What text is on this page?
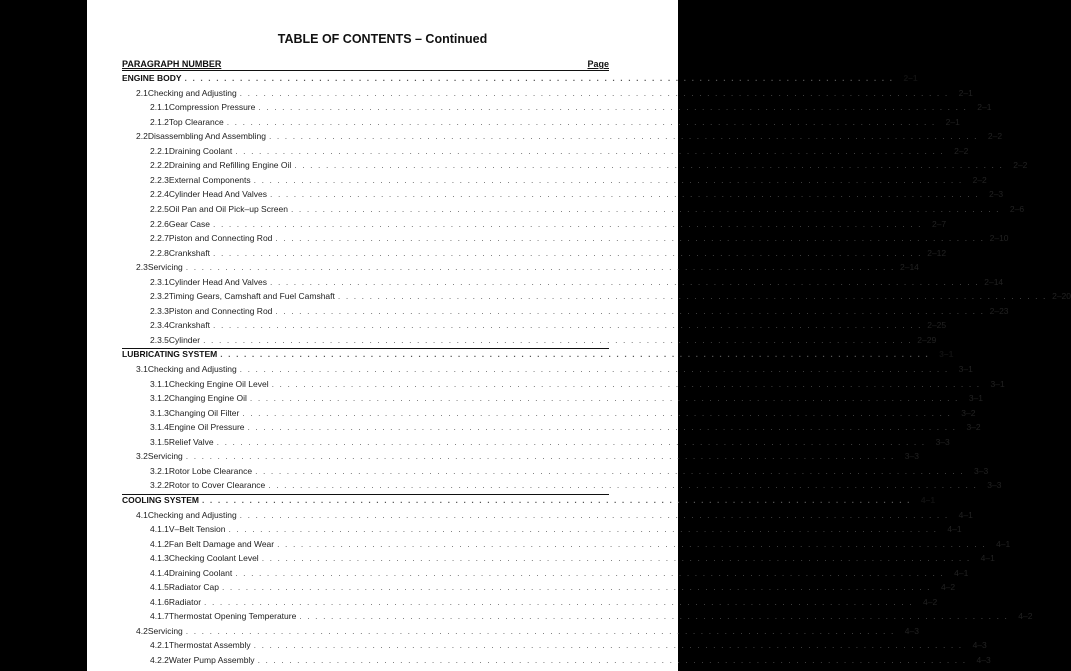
TABLE OF CONTENTS – Continued
PARAGRAPH NUMBER	Page
ENGINE BODY . . . . . . . . . . . . . . . . . . . . . . . . . . . . . . . . . . . . . . . . . . . . . . . . . . . . . . . . . . . . . . . . . . . . . . . . . . . . . . . . . . . . . . . . . .	2–1
2.1 Checking and Adjusting . . . . . . . . . . . . . . . . . . . . . . . . . . . . . . . . . . . . . . . . . . . . . . . . . . . . . . . . . . . . . . . . . . . . . . . . . . . . . . . . . . . . . . . . . .	2–1
2.1.1 Compression Pressure . . . . . . . . . . . . . . . . . . . . . . . . . . . . . . . . . . . . . . . . . . . . . . . . . . . . . . . . . . . . . . . . . . . . . . . . . . . . . . . . . . . . . . . . . .	2–1
2.1.2 Top Clearance . . . . . . . . . . . . . . . . . . . . . . . . . . . . . . . . . . . . . . . . . . . . . . . . . . . . . . . . . . . . . . . . . . . . . . . . . . . . . . . . . . . . . . . . . .	2–1
2.2 Disassembling And Assembling . . . . . . . . . . . . . . . . . . . . . . . . . . . . . . . . . . . . . . . . . . . . . . . . . . . . . . . . . . . . . . . . . . . . . . . . . . . . . . . . . . . . . . . . . .	2–2
2.2.1 Draining Coolant . . . . . . . . . . . . . . . . . . . . . . . . . . . . . . . . . . . . . . . . . . . . . . . . . . . . . . . . . . . . . . . . . . . . . . . . . . . . . . . . . . . . . . . . . .	2–2
2.2.2 Draining and Refilling Engine Oil . . . . . . . . . . . . . . . . . . . . . . . . . . . . . . . . . . . . . . . . . . . . . . . . . . . . . . . . . . . . . . . . . . . . . . . . . . . . . . . . . . . . . . . . . .	2–2
2.2.3 External Components . . . . . . . . . . . . . . . . . . . . . . . . . . . . . . . . . . . . . . . . . . . . . . . . . . . . . . . . . . . . . . . . . . . . . . . . . . . . . . . . . . . . . . . . . .	2–2
2.2.4 Cylinder Head And Valves . . . . . . . . . . . . . . . . . . . . . . . . . . . . . . . . . . . . . . . . . . . . . . . . . . . . . . . . . . . . . . . . . . . . . . . . . . . . . . . . . . . . . . . . . .	2–3
2.2.5 Oil Pan and Oil Pick–up Screen . . . . . . . . . . . . . . . . . . . . . . . . . . . . . . . . . . . . . . . . . . . . . . . . . . . . . . . . . . . . . . . . . . . . . . . . . . . . . . . . . . . . . . . . . .	2–6
2.2.6 Gear Case . . . . . . . . . . . . . . . . . . . . . . . . . . . . . . . . . . . . . . . . . . . . . . . . . . . . . . . . . . . . . . . . . . . . . . . . . . . . . . . . . . . . . . . . . .	2–7
2.2.7 Piston and Connecting Rod . . . . . . . . . . . . . . . . . . . . . . . . . . . . . . . . . . . . . . . . . . . . . . . . . . . . . . . . . . . . . . . . . . . . . . . . . . . . . . . . . . . . . . . . . . 2–10
2.2.8 Crankshaft . . . . . . . . . . . . . . . . . . . . . . . . . . . . . . . . . . . . . . . . . . . . . . . . . . . . . . . . . . . . . . . . . . . . . . . . . . . . . . . . . . . . . . . . . . 2–12
2.3 Servicing . . . . . . . . . . . . . . . . . . . . . . . . . . . . . . . . . . . . . . . . . . . . . . . . . . . . . . . . . . . . . . . . . . . . . . . . . . . . . . . . . . . . . . . . . . 2–14
2.3.1 Cylinder Head And Valves . . . . . . . . . . . . . . . . . . . . . . . . . . . . . . . . . . . . . . . . . . . . . . . . . . . . . . . . . . . . . . . . . . . . . . . . . . . . . . . . . . . . . . . . . . 2–14
2.3.2 Timing Gears, Camshaft and Fuel Camshaft . . . . . . . . . . . . . . . . . . . . . . . . . . . . . . . . . . . . . . . . . . . . . . . . . . . . . . . . . . . . . . . . . . . . . . . . . . . . . . . . . . . . . . . . . . 2–20
2.3.3 Piston and Connecting Rod . . . . . . . . . . . . . . . . . . . . . . . . . . . . . . . . . . . . . . . . . . . . . . . . . . . . . . . . . . . . . . . . . . . . . . . . . . . . . . . . . . . . . . . . . . 2–23
2.3.4 Crankshaft . . . . . . . . . . . . . . . . . . . . . . . . . . . . . . . . . . . . . . . . . . . . . . . . . . . . . . . . . . . . . . . . . . . . . . . . . . . . . . . . . . . . . . . . . . 2–25
2.3.5 Cylinder . . . . . . . . . . . . . . . . . . . . . . . . . . . . . . . . . . . . . . . . . . . . . . . . . . . . . . . . . . . . . . . . . . . . . . . . . . . . . . . . . . . . . . . . . . 2–29
LUBRICATING SYSTEM . . . . . . . . . . . . . . . . . . . . . . . . . . . . . . . . . . . . . . . . . . . . . . . . . . . . . . . . . . . . . . . . . . . . . . . . . . . . . . . . . . . . . . . . . .	3–1
3.1 Checking and Adjusting . . . . . . . . . . . . . . . . . . . . . . . . . . . . . . . . . . . . . . . . . . . . . . . . . . . . . . . . . . . . . . . . . . . . . . . . . . . . . . . . . . . . . . . . . .	3–1
3.1.1 Checking Engine Oil Level . . . . . . . . . . . . . . . . . . . . . . . . . . . . . . . . . . . . . . . . . . . . . . . . . . . . . . . . . . . . . . . . . . . . . . . . . . . . . . . . . . . . . . . . . .	3–1
3.1.2 Changing Engine Oil . . . . . . . . . . . . . . . . . . . . . . . . . . . . . . . . . . . . . . . . . . . . . . . . . . . . . . . . . . . . . . . . . . . . . . . . . . . . . . . . . . . . . . . . . .	3–1
3.1.3 Changing Oil Filter . . . . . . . . . . . . . . . . . . . . . . . . . . . . . . . . . . . . . . . . . . . . . . . . . . . . . . . . . . . . . . . . . . . . . . . . . . . . . . . . . . . . . . . . . .	3–2
3.1.4 Engine Oil Pressure . . . . . . . . . . . . . . . . . . . . . . . . . . . . . . . . . . . . . . . . . . . . . . . . . . . . . . . . . . . . . . . . . . . . . . . . . . . . . . . . . . . . . . . . . .	3–2
3.1.5 Relief Valve . . . . . . . . . . . . . . . . . . . . . . . . . . . . . . . . . . . . . . . . . . . . . . . . . . . . . . . . . . . . . . . . . . . . . . . . . . . . . . . . . . . . . . . . . .	3–3
3.2 Servicing . . . . . . . . . . . . . . . . . . . . . . . . . . . . . . . . . . . . . . . . . . . . . . . . . . . . . . . . . . . . . . . . . . . . . . . . . . . . . . . . . . . . . . . . . .	3–3
3.2.1 Rotor Lobe Clearance . . . . . . . . . . . . . . . . . . . . . . . . . . . . . . . . . . . . . . . . . . . . . . . . . . . . . . . . . . . . . . . . . . . . . . . . . . . . . . . . . . . . . . . . . .	3–3
3.2.2 Rotor to Cover Clearance . . . . . . . . . . . . . . . . . . . . . . . . . . . . . . . . . . . . . . . . . . . . . . . . . . . . . . . . . . . . . . . . . . . . . . . . . . . . . . . . . . . . . . . . . .	3–3
COOLING SYSTEM . . . . . . . . . . . . . . . . . . . . . . . . . . . . . . . . . . . . . . . . . . . . . . . . . . . . . . . . . . . . . . . . . . . . . . . . . . . . . . . . . . . . . . . . . .	4–1
4.1 Checking and Adjusting . . . . . . . . . . . . . . . . . . . . . . . . . . . . . . . . . . . . . . . . . . . . . . . . . . . . . . . . . . . . . . . . . . . . . . . . . . . . . . . . . . . . . . . . . .	4–1
4.1.1 V–Belt Tension . . . . . . . . . . . . . . . . . . . . . . . . . . . . . . . . . . . . . . . . . . . . . . . . . . . . . . . . . . . . . . . . . . . . . . . . . . . . . . . . . . . . . . . . . .	4–1
4.1.2 Fan Belt Damage and Wear . . . . . . . . . . . . . . . . . . . . . . . . . . . . . . . . . . . . . . . . . . . . . . . . . . . . . . . . . . . . . . . . . . . . . . . . . . . . . . . . . . . . . . . . . .	4–1
4.1.3 Checking Coolant Level . . . . . . . . . . . . . . . . . . . . . . . . . . . . . . . . . . . . . . . . . . . . . . . . . . . . . . . . . . . . . . . . . . . . . . . . . . . . . . . . . . . . . . . . . .	4–1
4.1.4 Draining Coolant . . . . . . . . . . . . . . . . . . . . . . . . . . . . . . . . . . . . . . . . . . . . . . . . . . . . . . . . . . . . . . . . . . . . . . . . . . . . . . . . . . . . . . . . . .	4–1
4.1.5 Radiator Cap . . . . . . . . . . . . . . . . . . . . . . . . . . . . . . . . . . . . . . . . . . . . . . . . . . . . . . . . . . . . . . . . . . . . . . . . . . . . . . . . . . . . . . . . . .	4–2
4.1.6 Radiator . . . . . . . . . . . . . . . . . . . . . . . . . . . . . . . . . . . . . . . . . . . . . . . . . . . . . . . . . . . . . . . . . . . . . . . . . . . . . . . . . . . . . . . . . .	4–2
4.1.7 Thermostat Opening Temperature . . . . . . . . . . . . . . . . . . . . . . . . . . . . . . . . . . . . . . . . . . . . . . . . . . . . . . . . . . . . . . . . . . . . . . . . . . . . . . . . . . . . . . . . . .	4–2
4.2 Servicing . . . . . . . . . . . . . . . . . . . . . . . . . . . . . . . . . . . . . . . . . . . . . . . . . . . . . . . . . . . . . . . . . . . . . . . . . . . . . . . . . . . . . . . . . .	4–3
4.2.1 Thermostat Assembly . . . . . . . . . . . . . . . . . . . . . . . . . . . . . . . . . . . . . . . . . . . . . . . . . . . . . . . . . . . . . . . . . . . . . . . . . . . . . . . . . . . . . . . . . .	4–3
4.2.2 Water Pump Assembly . . . . . . . . . . . . . . . . . . . . . . . . . . . . . . . . . . . . . . . . . . . . . . . . . . . . . . . . . . . . . . . . . . . . . . . . . . . . . . . . . . . . . . . . . .	4–3
